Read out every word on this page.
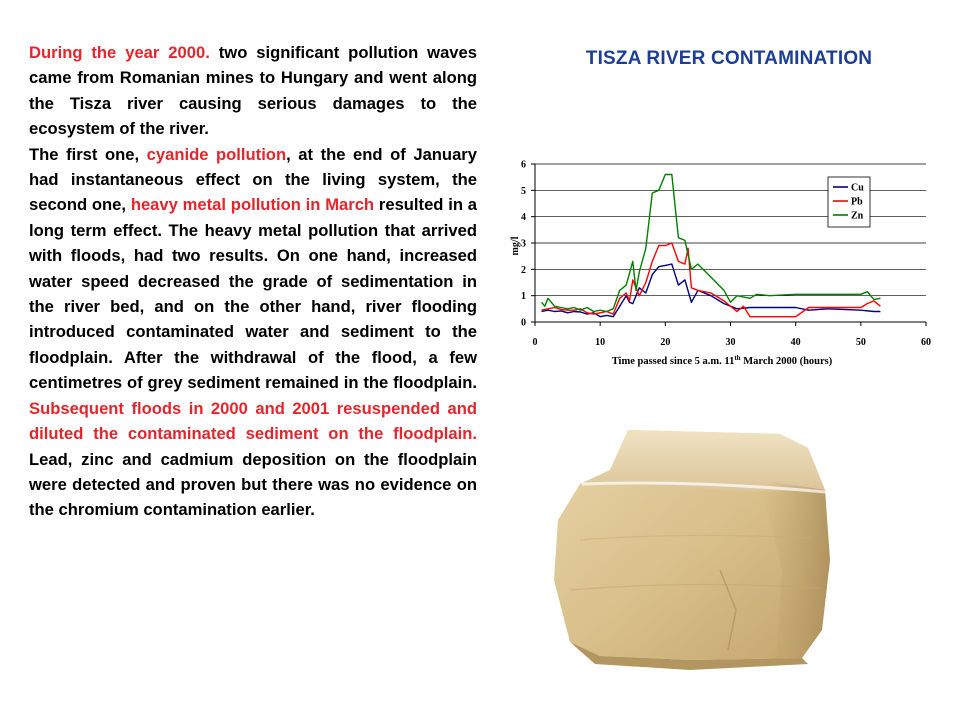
During the year 2000. two significant pollution waves came from Romanian mines to Hungary and went along the Tisza river causing serious damages to the ecosystem of the river.

The first one, cyanide pollution, at the end of January had instantaneous effect on the living system, the second one, heavy metal pollution in March resulted in a long term effect. The heavy metal pollution that arrived with floods, had two results. On one hand, increased water speed decreased the grade of sedimentation in the river bed, and on the other hand, river flooding introduced contaminated water and sediment to the floodplain. After the withdrawal of the flood, a few centimetres of grey sediment remained in the floodplain. Subsequent floods in 2000 and 2001 resuspended and diluted the contaminated sediment on the floodplain. Lead, zinc and cadmium deposition on the floodplain were detected and proven but there was no evidence on the chromium contamination earlier.

TISZA RIVER CONTAMINATION
0	10	20	30	40	50	60
0
1
2
3
4
5
6
mg/l
Time passed since 5 a.m. 11th March 2000 (hours)
Cu
Pb
Zn
